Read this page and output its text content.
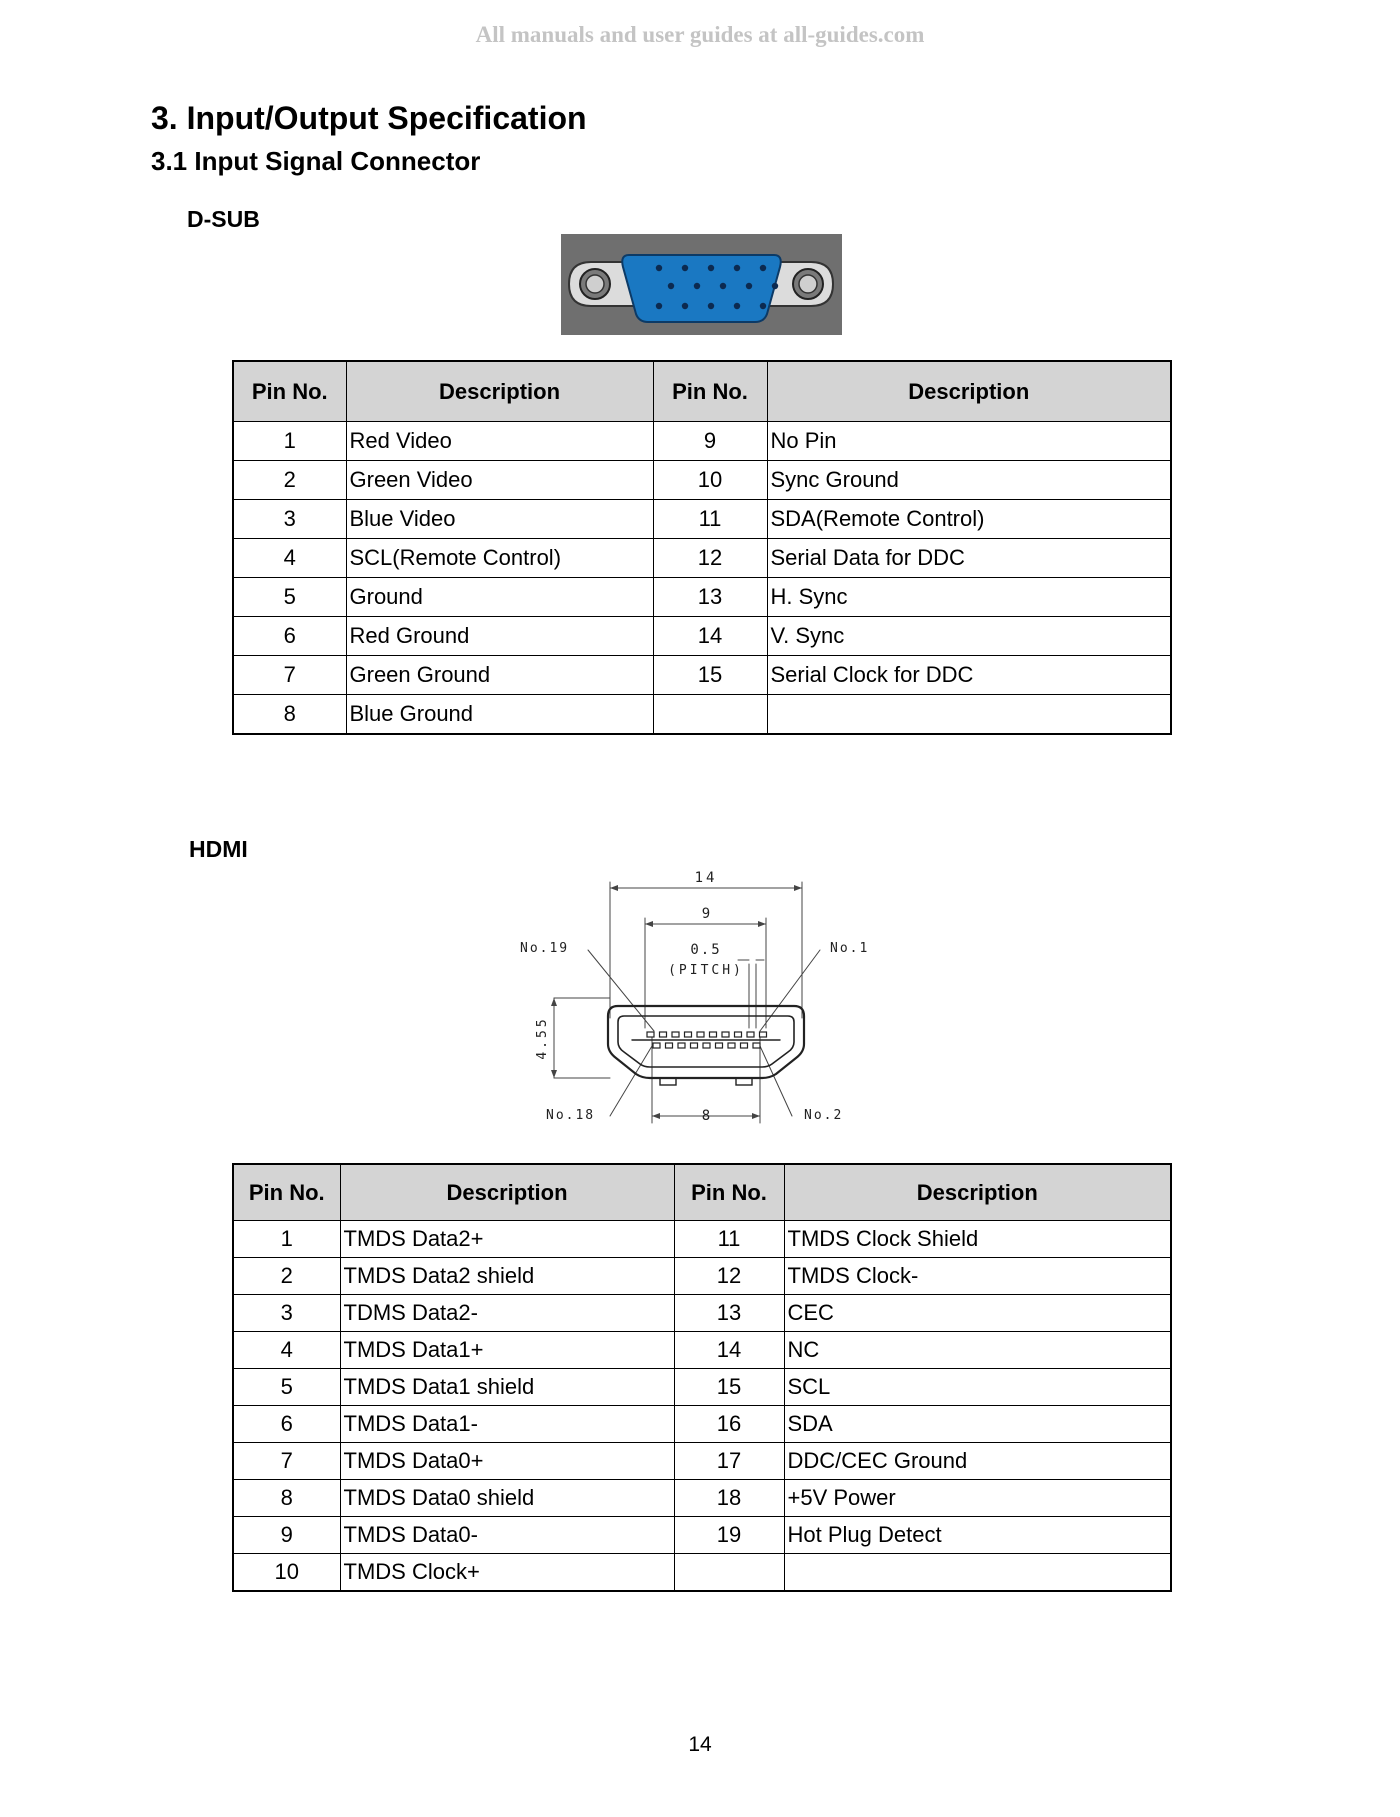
All manuals and user guides at all-guides.com
3. Input/Output Specification
3.1 Input Signal Connector
D-SUB
HDMI
14
9
0.5
(PITCH)
No.19	No.1
No.18	No.2
8
4.55
Pin No.	Description	Pin No.	Description
1	Red Video	9	No Pin
2	Green Video	10	Sync Ground
3	Blue Video	11	SDA(Remote Control)
4	SCL(Remote Control)	12	Serial Data for DDC
5	Ground	13	H. Sync
6	Red Ground	14	V. Sync
7	Green Ground	15	Serial Clock for DDC
8	Blue Ground		
Pin No.	Description	Pin No.	Description
1	TMDS Data2+	11	TMDS Clock Shield
2	TMDS Data2 shield	12	TMDS Clock-
3	TDMS Data2-	13	CEC
4	TMDS Data1+	14	NC
5	TMDS Data1 shield	15	SCL
6	TMDS Data1-	16	SDA
7	TMDS Data0+	17	DDC/CEC Ground
8	TMDS Data0 shield	18	+5V Power
9	TMDS Data0-	19	Hot Plug Detect
10	TMDS Clock+		
14
